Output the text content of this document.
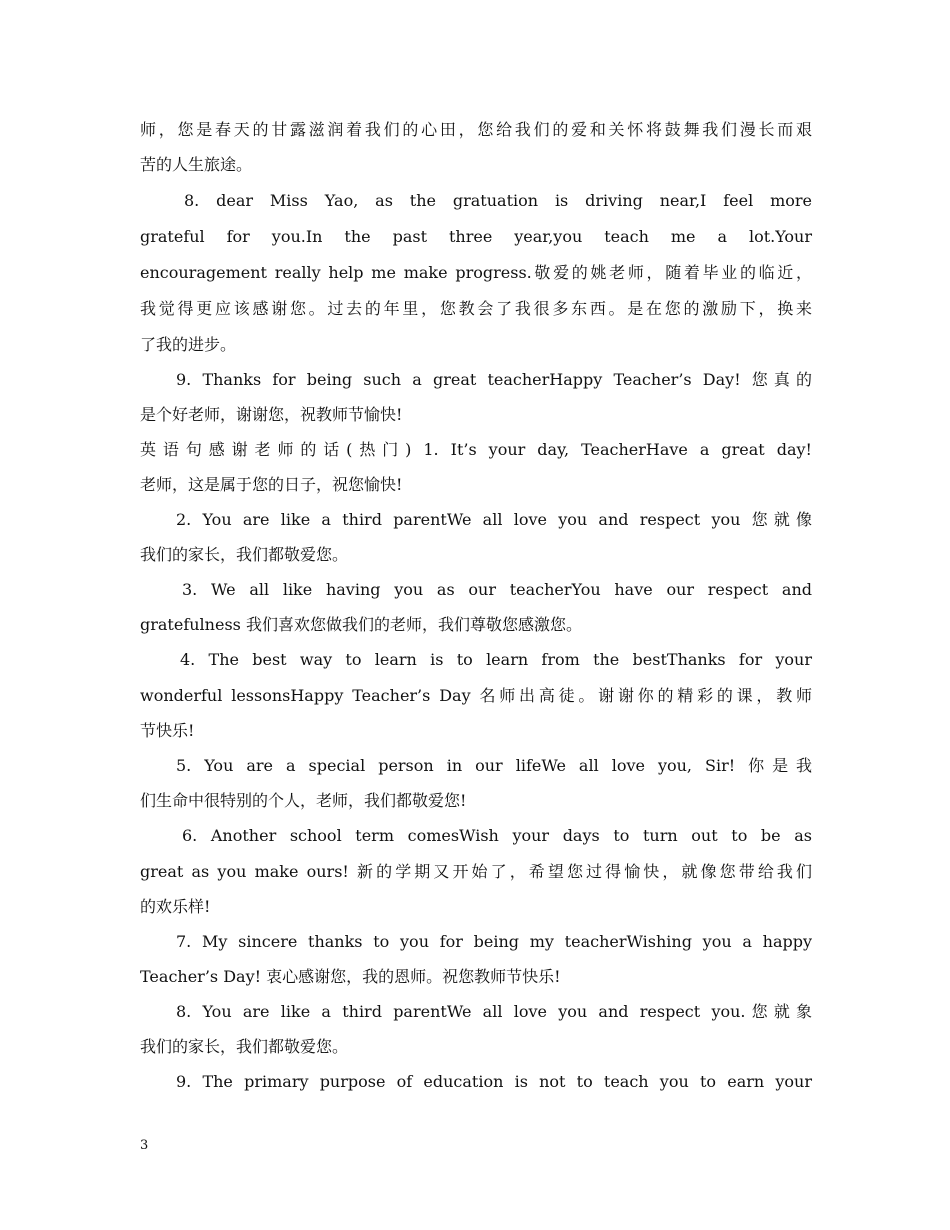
师，您是春天的甘露滋润着我们的心田，您给我们的爱和关怀将鼓舞我们漫长而艰
苦的人生旅途。
8. dear Miss Yao, as the gratuation is driving near,I feel more
grateful for you.In the past three year,you teach me a lot.Your
encouragement really help me make progress.敬爱的姚老师，随着毕业的临近，
我觉得更应该感谢您。过去的年里，您教会了我很多东西。是在您的激励下，换来
了我的进步。
9. Thanks for being such a great teacherHappy Teacher’s Day! 您真的
是个好老师，谢谢您，祝教师节愉快!
英语句感谢老师的话(热门) 1. It’s your day, TeacherHave a great day!
老师，这是属于您的日子，祝您愉快!
2. You are like a third parentWe all love you and respect you 您就像
我们的家长，我们都敬爱您。
3. We all like having you as our teacherYou have our respect and
gratefulness 我们喜欢您做我们的老师，我们尊敬您感激您。
4. The best way to learn is to learn from the bestThanks for your
wonderful lessonsHappy Teacher’s Day 名师出高徒。谢谢你的精彩的课，教师
节快乐!
5. You are a special person in our lifeWe all love you, Sir! 你是我
们生命中很特别的个人，老师，我们都敬爱您!
6. Another school term comesWish your days to turn out to be as
great as you make ours! 新的学期又开始了，希望您过得愉快，就像您带给我们
的欢乐样!
7. My sincere thanks to you for being my teacherWishing you a happy
Teacher’s Day! 衷心感谢您，我的恩师。祝您教师节快乐!
8. You are like a third parentWe all love you and respect you.您就象
我们的家长，我们都敬爱您。
9. The primary purpose of education is not to teach you to earn your
3
